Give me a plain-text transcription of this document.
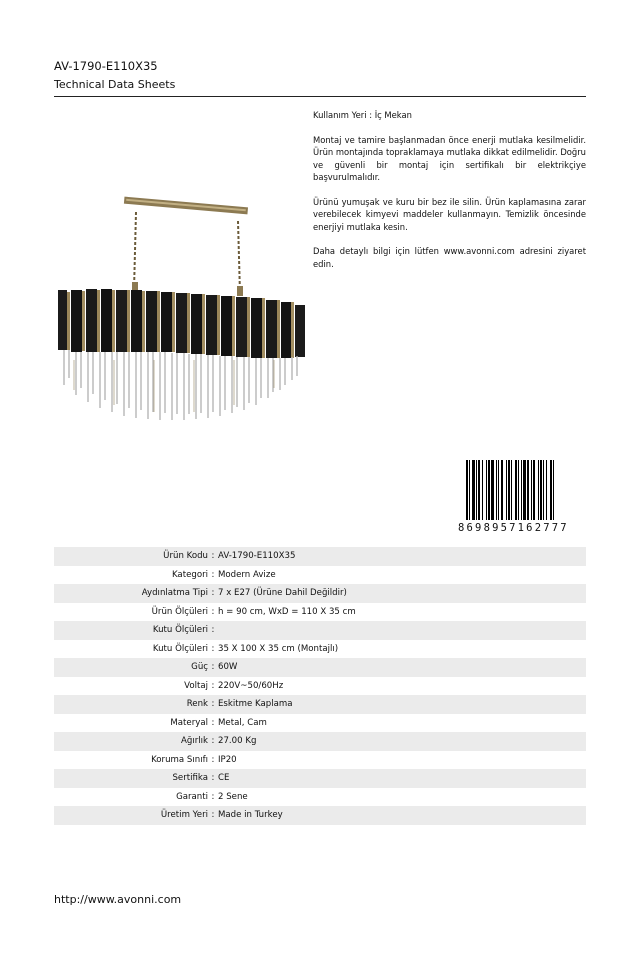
AV-1790-E110X35
Technical Data Sheets

Kullanım Yeri : İç Mekan

Montaj ve tamire başlanmadan önce enerji mutlaka kesilmelidir. Ürün montajında topraklamaya mutlaka dikkat edilmelidir. Doğru ve güvenli bir montaj için sertifikalı bir elektrikçiye başvurulmalıdır.

Ürünü yumuşak ve kuru bir bez ile silin. Ürün kaplamasına zarar verebilecek kimyevi maddeler kullanmayın. Temizlik öncesinde enerjiyi mutlaka kesin.

Daha detaylı bilgi için lütfen www.avonni.com adresini ziyaret edin.

8698957162777
Ürün Kodu : AV-1790-E110X35
Kategori : Modern Avize
Aydınlatma Tipi : 7 x E27 (Ürüne Dahil Değildir)
Ürün Ölçüleri : h = 90 cm, WxD = 110 X 35 cm
Kutu Ölçüleri :
Kutu Ölçüleri : 35 X 100 X 35 cm (Montajlı)
Güç : 60W
Voltaj : 220V~50/60Hz
Renk : Eskitme Kaplama
Materyal : Metal, Cam
Ağırlık : 27.00 Kg
Koruma Sınıfı : IP20
Sertifika : CE
Garanti : 2 Sene
Üretim Yeri : Made in Turkey
http://www.avonni.com
